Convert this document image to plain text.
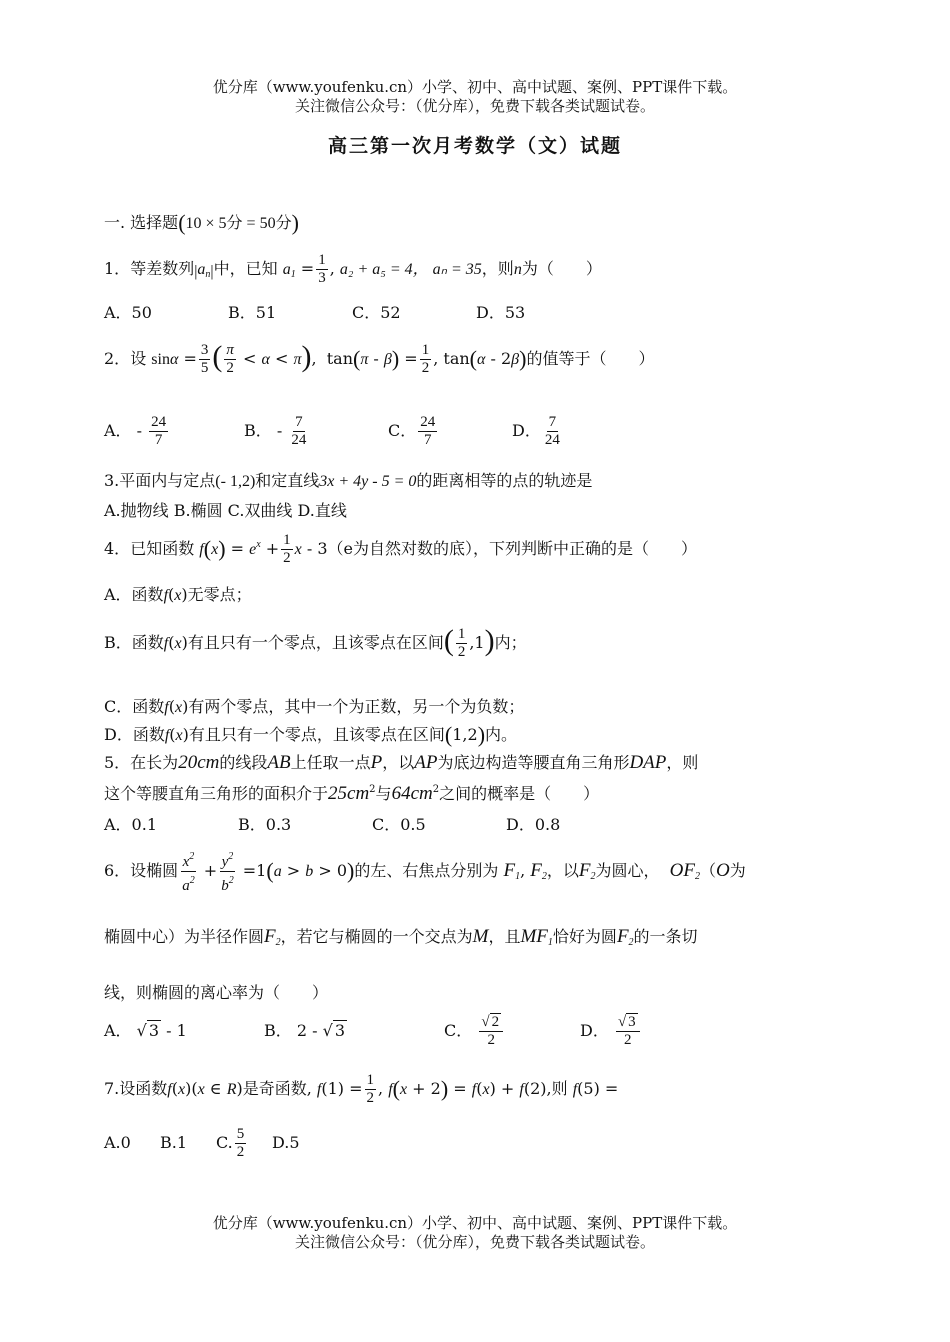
优分库（www.youfenku.cn）小学、初中、高中试题、案例、PPT课件下载。
关注微信公众号：（优分库），免费下载各类试题试卷。
高三第一次月考数学（文）试题
一. 选择题(10 × 5分 = 50分)
1．等差数列$|a_n|$中，已知 $a_1 = \frac{1}{3}$ , a₂ + a₅ = 4， aₙ = 35，则n为（　　）
A．50	B．51	C．52	D．53
2．设 $\sin\alpha = \frac{3}{5}$ ( $\frac{\pi}{2} < \alpha < \pi$),  $\tan(\pi - \beta) = \frac{1}{2}$ , tan(α - 2β)的值等于（　　）
A． - $\frac{24}{7}$	B． - $\frac{7}{24}$	C． $\frac{24}{7}$	D． $\frac{7}{24}$
3.平面内与定点(- 1,2)和定直线3x + 4y - 5 = 0的距离相等的点的轨迹是
A.抛物线 B.椭圆 C.双曲线 D.直线
4．已知函数 $f(x) = e^x + \frac{1}{2}$ x - 3（e为自然对数的底），下列判断中正确的是（　　）
A．函数f(x)无零点；
B．函数f(x)有且只有一个零点，且该零点在区间( $\frac{1}{2} ,1$)内；
C．函数f(x)有两个零点，其中一个为正数，另一个为负数；
D．函数f(x)有且只有一个零点，且该零点在区间(1,2)内。
5．在长为20cm的线段AB上任取一点P，以AP为底边构造等腰直角三角形DAP，则
这个等腰直角三角形的面积介于$25cm^2$与$64cm^2$之间的概率是（　　）
A．0.1	B．0.3	C．0.5	D．0.8
6．设椭圆 $\frac{x^2}{a^2} + \frac{y^2}{b^2} =1(a > b > 0)$的左、右焦点分别为 $F_1$, $F_2$，以$F_2$为圆心， $OF_2(O$为
椭圆中心）为半径作圆$F_2$，若它与椭圆的一个交点为M，且$MF_1$恰好为圆$F_2$的一条切
线，则椭圆的离心率为（　　）
A． √ 3 - 1	B． 2 - √ 3	C． $\frac{√ 2}{2}$	D． $\frac{√ 3}{2}$
7.设函数f(x)(x ∈ R)是奇函数, $f(1) = \frac{1}{2}$ , f(x + 2) = f(x) + f(2),则 f(5) =
A.0 B.1 C. $\frac{5}{2} D.5$
优分库（www.youfenku.cn）小学、初中、高中试题、案例、PPT课件下载。
关注微信公众号：（优分库），免费下载各类试题试卷。
